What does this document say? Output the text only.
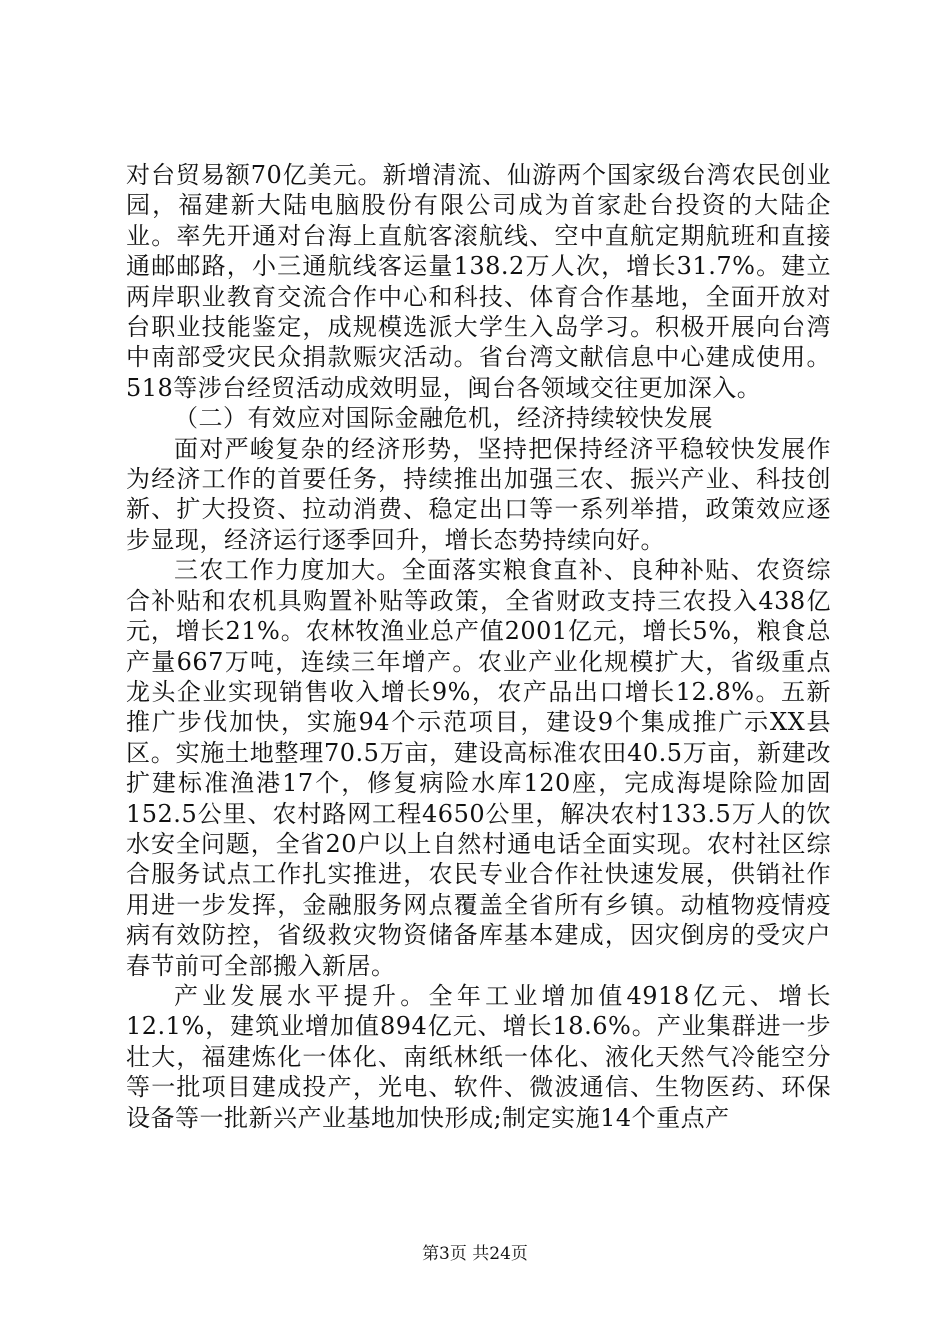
对台贸易额70亿美元。新增清流、仙游两个国家级台湾农民创业园，福建新大陆电脑股份有限公司成为首家赴台投资的大陆企业。率先开通对台海上直航客滚航线、空中直航定期航班和直接通邮邮路，小三通航线客运量138.2万人次，增长31.7%。建立两岸职业教育交流合作中心和科技、体育合作基地，全面开放对台职业技能鉴定，成规模选派大学生入岛学习。积极开展向台湾中南部受灾民众捐款赈灾活动。省台湾文献信息中心建成使用。518等涉台经贸活动成效明显，闽台各领域交往更加深入。

（二）有效应对国际金融危机，经济持续较快发展

面对严峻复杂的经济形势，坚持把保持经济平稳较快发展作为经济工作的首要任务，持续推出加强三农、振兴产业、科技创新、扩大投资、拉动消费、稳定出口等一系列举措，政策效应逐步显现，经济运行逐季回升，增长态势持续向好。

三农工作力度加大。全面落实粮食直补、良种补贴、农资综合补贴和农机具购置补贴等政策，全省财政支持三农投入438亿元，增长21%。农林牧渔业总产值2001亿元，增长5%，粮食总产量667万吨，连续三年增产。农业产业化规模扩大，省级重点龙头企业实现销售收入增长9%，农产品出口增长12.8%。五新推广步伐加快，实施94个示范项目，建设9个集成推广示XX县区。实施土地整理70.5万亩，建设高标准农田40.5万亩，新建改扩建标准渔港17个，修复病险水库120座，完成海堤除险加固152.5公里、农村路网工程4650公里，解决农村133.5万人的饮水安全问题，全省20户以上自然村通电话全面实现。农村社区综合服务试点工作扎实推进，农民专业合作社快速发展，供销社作用进一步发挥，金融服务网点覆盖全省所有乡镇。动植物疫情疫病有效防控，省级救灾物资储备库基本建成，因灾倒房的受灾户春节前可全部搬入新居。

产业发展水平提升。全年工业增加值4918亿元、增长12.1%，建筑业增加值894亿元、增长18.6%。产业集群进一步壮大，福建炼化一体化、南纸林纸一体化、液化天然气冷能空分等一批项目建成投产，光电、软件、微波通信、生物医药、环保设备等一批新兴产业基地加快形成;制定实施14个重点产

第3页 共24页
